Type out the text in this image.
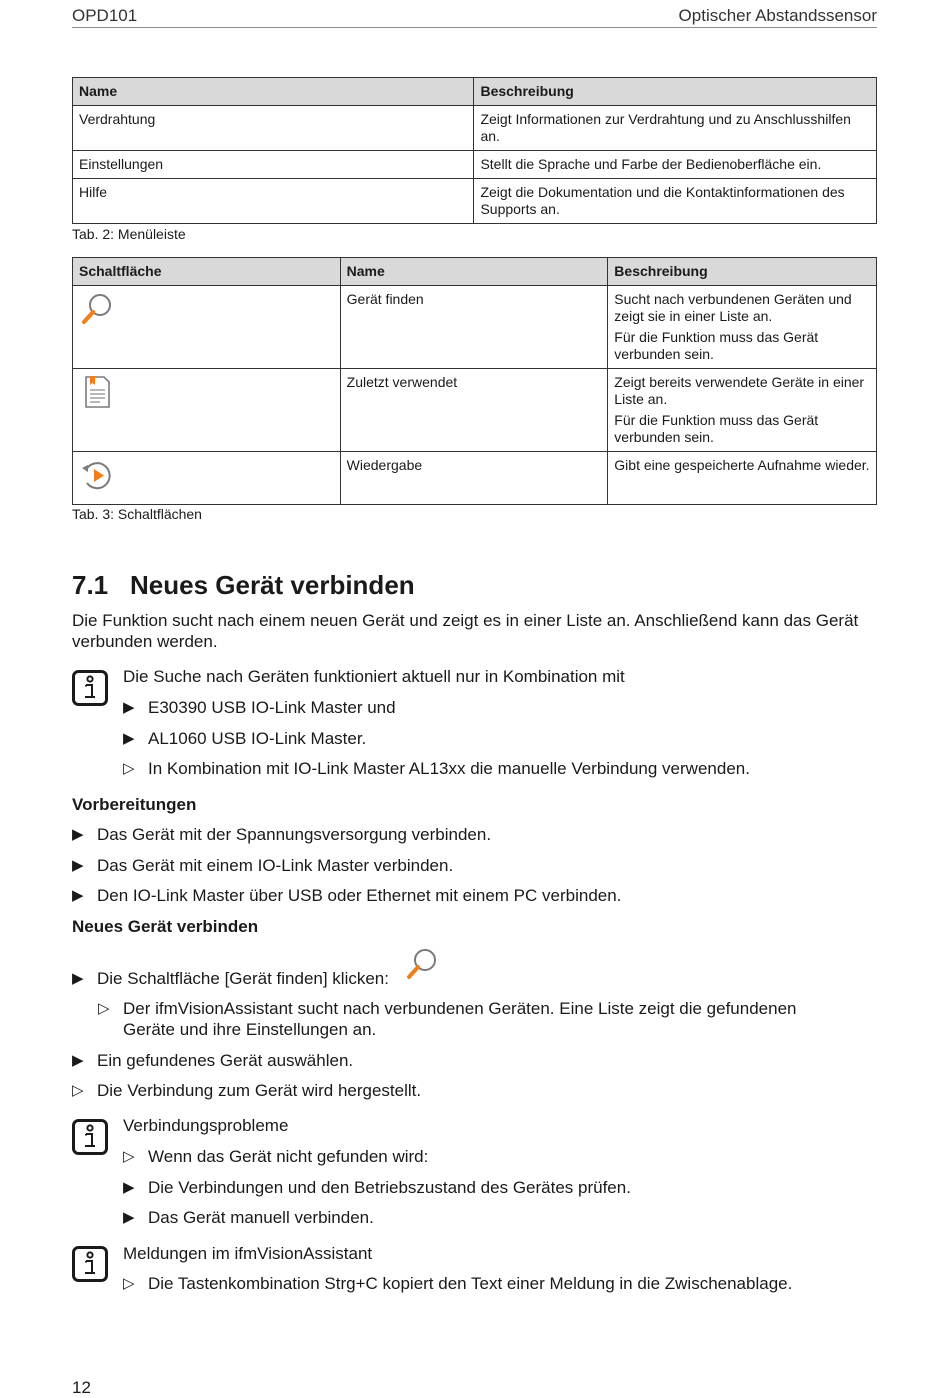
OPD101	Optischer Abstandssensor
Name	Beschreibung
Verdrahtung	Zeigt Informationen zur Verdrahtung und zu Anschlusshilfen an.
Einstellungen	Stellt die Sprache und Farbe der Bedienoberfläche ein.
Hilfe	Zeigt die Dokumentation und die Kontaktinformationen des Supports an.
Tab. 2: Menüleiste
Schaltfläche	Name	Beschreibung

	Gerät finden	Sucht nach verbundenen Geräten und zeigt sie in einer Liste an.

Für die Funktion muss das Gerät verbunden sein.

	Zuletzt verwendet	Zeigt bereits verwendete Geräte in einer Liste an.

Für die Funktion muss das Gerät verbunden sein.

	Wiedergabe	Gibt eine gespeicherte Aufnahme wieder.

Tab. 3: Schaltflächen
7.1 Neues Gerät verbinden
Die Funktion sucht nach einem neuen Gerät und zeigt es in einer Liste an. Anschließend kann das Gerät verbunden werden.
Die Suche nach Geräten funktioniert aktuell nur in Kombination mit
▶ E30390 USB IO-Link Master und
▶ AL1060 USB IO-Link Master.
▷ In Kombination mit IO-Link Master AL13xx die manuelle Verbindung verwenden.
Vorbereitungen
▶ Das Gerät mit der Spannungsversorgung verbinden.
▶ Das Gerät mit einem IO-Link Master verbinden.
▶ Den IO-Link Master über USB oder Ethernet mit einem PC verbinden.
Neues Gerät verbinden
▶ Die Schaltfläche [Gerät finden] klicken:
▷ Der ifmVisionAssistant sucht nach verbundenen Geräten. Eine Liste zeigt die gefundenen
Geräte und ihre Einstellungen an.
▶ Ein gefundenes Gerät auswählen.
▷ Die Verbindung zum Gerät wird hergestellt.
Verbindungsprobleme
▷ Wenn das Gerät nicht gefunden wird:
▶ Die Verbindungen und den Betriebszustand des Gerätes prüfen.
▶ Das Gerät manuell verbinden.
Meldungen im ifmVisionAssistant
▷ Die Tastenkombination Strg+C kopiert den Text einer Meldung in die Zwischenablage.
12
